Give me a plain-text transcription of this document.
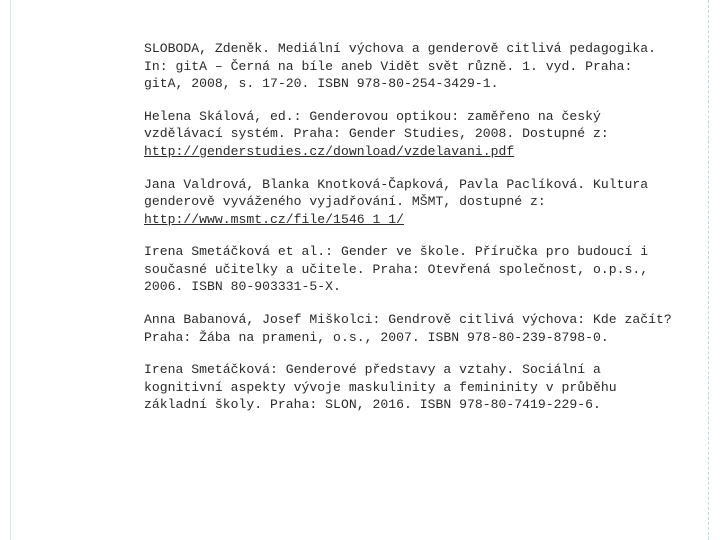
SLOBODA, Zdeněk. Mediální výchova a genderově citlivá pedagogika. In: gitA – Černá na bíle aneb Vidět svět různě. 1. vyd. Praha: gitA, 2008, s. 17-20. ISBN 978-80-254-3429-1.
Helena Skálová, ed.: Genderovou optikou: zaměřeno na český vzdělávací systém. Praha: Gender Studies, 2008. Dostupné z: http://genderstudies.cz/download/vzdelavani.pdf
Jana Valdrová, Blanka Knotková-Čapková, Pavla Paclíková. Kultura genderově vyváženého vyjadřování. MŠMT, dostupné z: http://www.msmt.cz/file/1546_1_1/
Irena Smetáčková et al.: Gender ve škole. Příručka pro budoucí i současné učitelky a učitele. Praha: Otevřená společnost, o.p.s., 2006. ISBN 80-903331-5-X.
Anna Babanová, Josef Miškolci: Gendrově citlivá výchova: Kde začít? Praha: Žába na prameni, o.s., 2007. ISBN 978-80-239-8798-0.
Irena Smetáčková: Genderové představy a vztahy. Sociální a kognitivní aspekty vývoje maskulinity a femininity v průběhu základní školy. Praha: SLON, 2016. ISBN 978-80-7419-229-6.
